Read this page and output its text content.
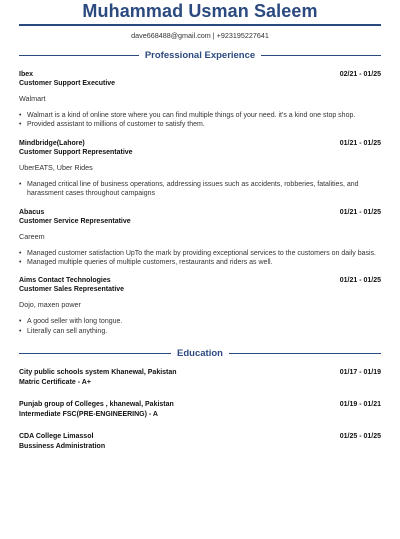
Muhammad Usman Saleem
dave668488@gmail.com | +923195227641
Professional Experience
Ibex	02/21 - 01/25
Customer Support Executive
Walmart
• Walmart is a kind of online store where you can find multiple things of your need. it's a kind one stop shop.
• Provided assistant to millions of customer to satisfy them.
Mindbridge(Lahore)	01/21 - 01/25
Customer Support Representative
UberEATS, Uber Rides
• Managed critical line of business operations, addressing issues such as accidents, robberies, fatalities, and harassment cases throughout campaigns
Abacus	01/21 - 01/25
Customer Service Representative
Careem
• Managed customer satisfaction UpTo the mark by providing exceptional services to the customers on daily basis.
• Managed multiple queries of multiple customers, restaurants and riders as well.
Aims Contact Technologies	01/21 - 01/25
Customer Sales Representative
Dojo, maxen power
• A good seller with long tongue.
• Literally can sell anything.
Education
City public schools system Khanewal, Pakistan	01/17 - 01/19
Matric Certificate - A+
Punjab group of Colleges , khanewal, Pakistan	01/19 - 01/21
Intermediate FSC(PRE-ENGINEERING) - A
CDA College Limassol	01/25 - 01/25
Bussiness Administration
